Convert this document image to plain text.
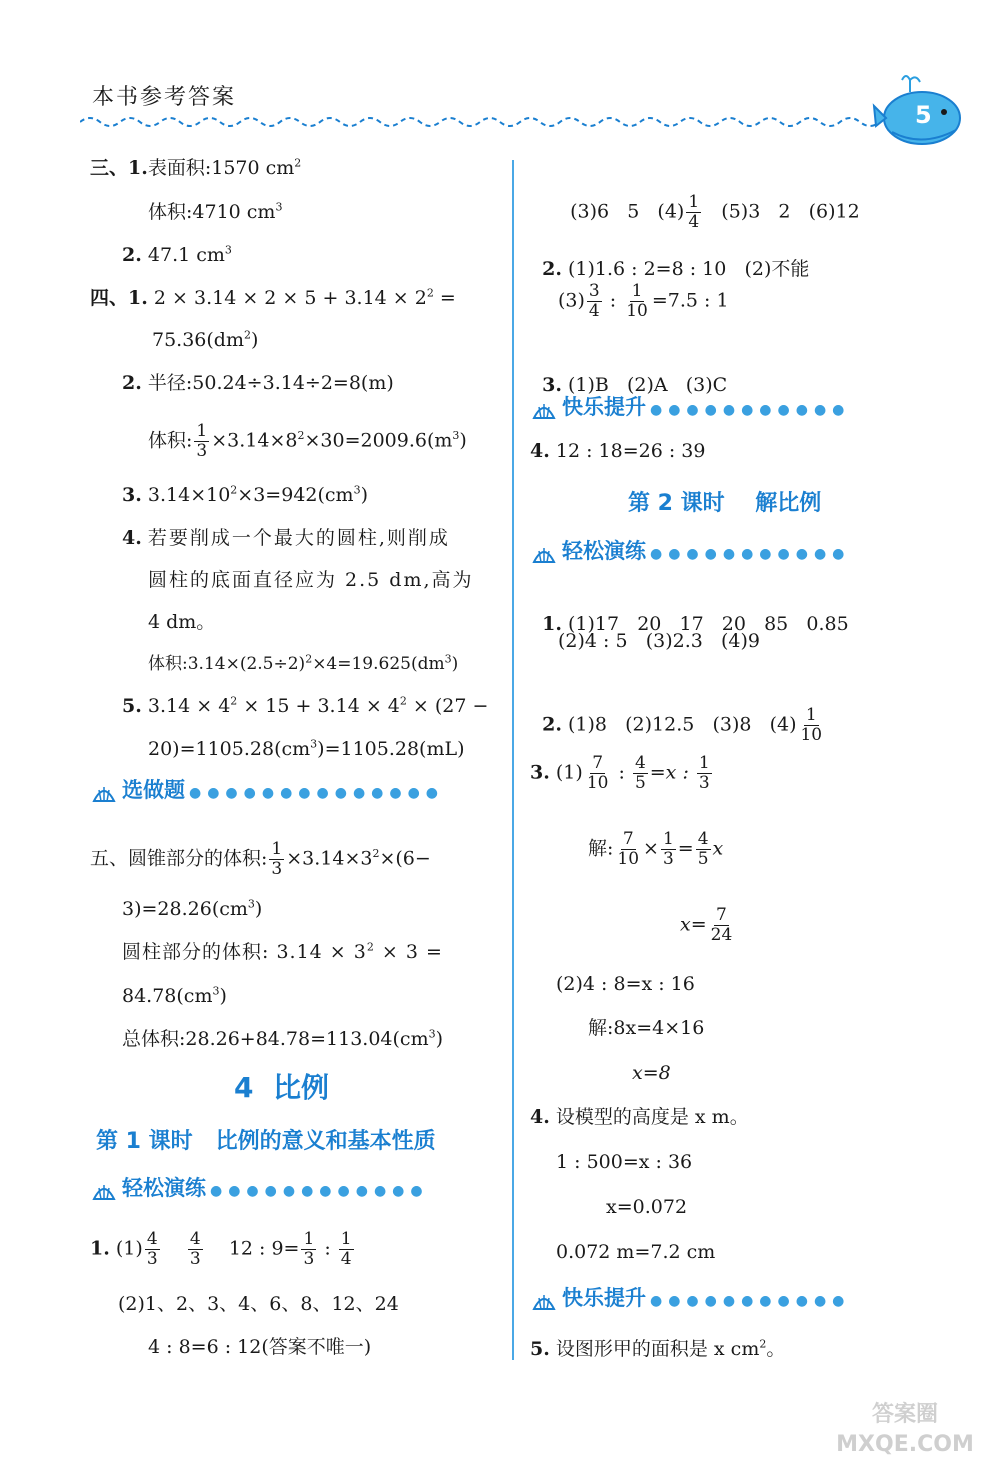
本书参考答案
5
三、1.表面积:1570 $cm^2$
体积:4710 $cm^3$
2. 47.1 $cm^3$
四、1. $2 \times 3.14 \times 2 \times 5 + 3.14 \times 2^2$ =
$75.36(dm^2)$
2. 半径:50.24÷3.14÷2=8(m)
体积: $\frac{1}{3} \times 3.14\times 8^2\times 30=2009.6(m^3)$
3. $3.14\times 10^2\times 3=942(cm^3)$
4. 若要削成一个最大的圆柱,则削成
圆柱的底面直径应为 2.5 dm,高为
4 dm。
体积$:3.14\times(2.5\div 2)^2\times 4=19.625(dm^3)$
5. $3.14 \times 4^2 \times 15 + 3.14 \times 4^2 \times (27$ −
$20)=1105.28(cm^3)=1105.28(mL)$
选做题 ●●●●●●●●●●●●●●
五、圆锥部分的体积: $\frac{1}{3} \times 3.14\times 3^2\times(6-$
$3)=28.26(cm^3)$
圆柱部分的体积: $3.14 \times 3^2 \times 3$ =
$84.78(cm^3)$
总体积$:28.26+84.78=113.04(cm^3)$
4  比例
第 1 课时   比例的意义和基本性质
轻松演练 ●●●●●●●●●●●●
1. $(1) \frac{4}{3}$
$\frac{4}{3} 12$ : $9= \frac{1}{3}$ : $\frac{1}{4}$
(2)1、2、3、4、6、8、12、24
4 : 8=6 : 12(答案不唯一)

(3)6   5   $(4) \frac{1}{4} (5)3$   2   (6)12

2. (1)1.6 : 2=8 : 10   (2)不能

$(3) \frac{3}{4}$ : $\frac{1}{10} =7.5$ : 1

3. (1)B   (2)A   (3)C

快乐提升 ●●●●●●●●●●●
4. 12 : 18=26 : 39
第 2 课时    解比例
轻松演练 ●●●●●●●●●●●

1. (1)17   20   17   20   85   0.85

(2)4 : 5   (3)2.3   (4)9

2. (1)8   (2)12.5   (3)8   $(4) \frac{1}{10}$

3. $(1) \frac{7}{10}$ : $\frac{4}{5} =x$ : $\frac{1}{3}$
解: $\frac{7}{10} \times \frac{1}{3} = \frac{4}{5}$ x
$x= \frac{7}{24}$
(2)4 : 8=x : 16
解:8x=4×16
x=8
4. 设模型的高度是 x m。
1 : 500=x : 36
x=0.072
0.072 m=7.2 cm
快乐提升 ●●●●●●●●●●●
5. 设图形甲的面积是 x $cm^2$。
答案圈 MXQE.COM
